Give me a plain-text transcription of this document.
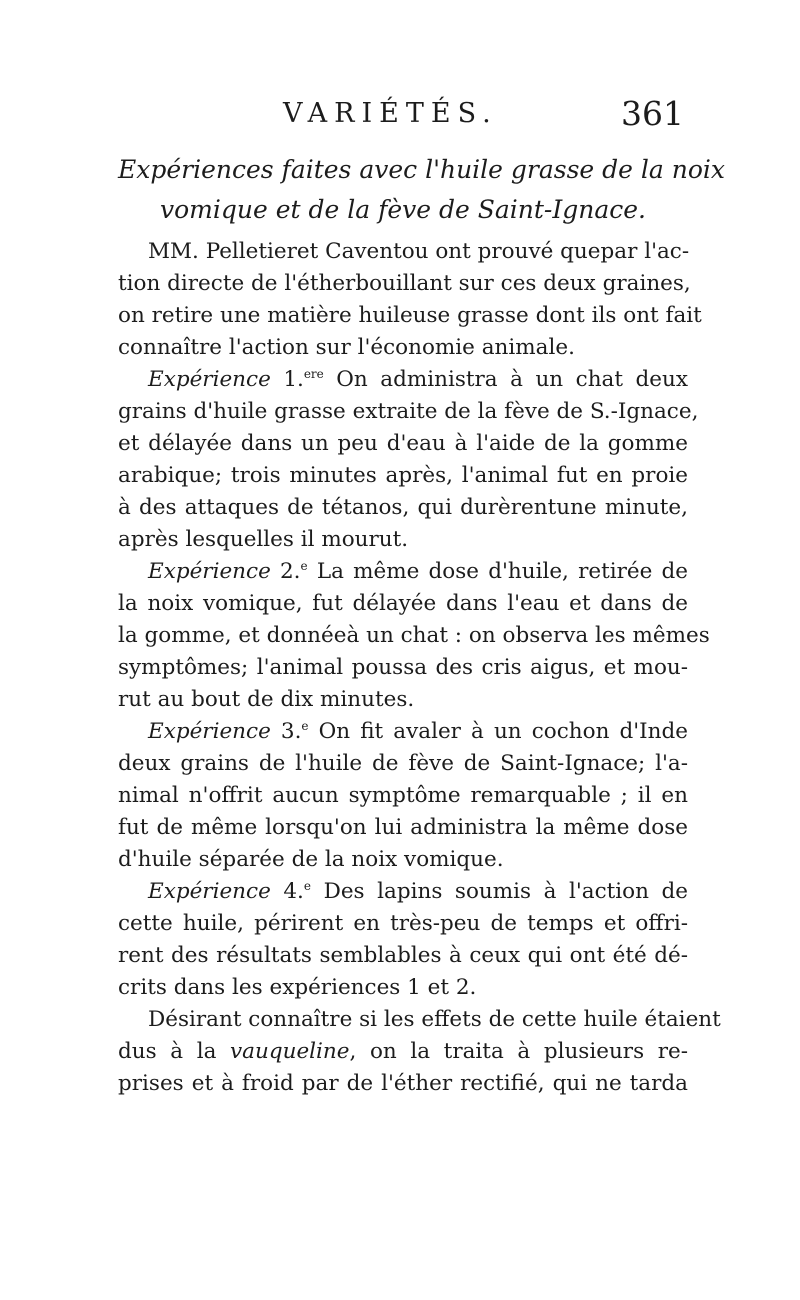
VARIÉTÉS.	361
Expériences faites avec l'huile grasse de la noix
vomique et de la fève de Saint-Ignace.
MM. Pelletieret Caventou ont prouvé quepar l'ac-
tion directe de l'étherbouillant sur ces deux graines,
on retire une matière huileuse grasse dont ils ont fait
connaître l'action sur l'économie animale.
Expérience 1.$^{ere}$ On administra à un chat deux
grains d'huile grasse extraite de la fève de S.-Ignace,
et délayée dans un peu d'eau à l'aide de la gomme
arabique; trois minutes après, l'animal fut en proie
à des attaques de tétanos, qui durèrentune minute,
après lesquelles il mourut.
Expérience 2.$^e$ La même dose d'huile, retirée de
la noix vomique, fut délayée dans l'eau et dans de
la gomme, et donnéeà un chat : on observa les mêmes
symptômes; l'animal poussa des cris aigus, et mou-
rut au bout de dix minutes.
Expérience 3.$^e$ On fit avaler à un cochon d'Inde
deux grains de l'huile de fève de Saint-Ignace; l'a-
nimal n'offrit aucun symptôme remarquable ; il en
fut de même lorsqu'on lui administra la même dose
d'huile séparée de la noix vomique.
Expérience 4.$^e$ Des lapins soumis à l'action de
cette huile, périrent en très-peu de temps et offri-
rent des résultats semblables à ceux qui ont été dé-
crits dans les expériences 1 et 2.
Désirant connaître si les effets de cette huile étaient
dus à la vauqueline, on la traita à plusieurs re-
prises et à froid par de l'éther rectifié, qui ne tarda
